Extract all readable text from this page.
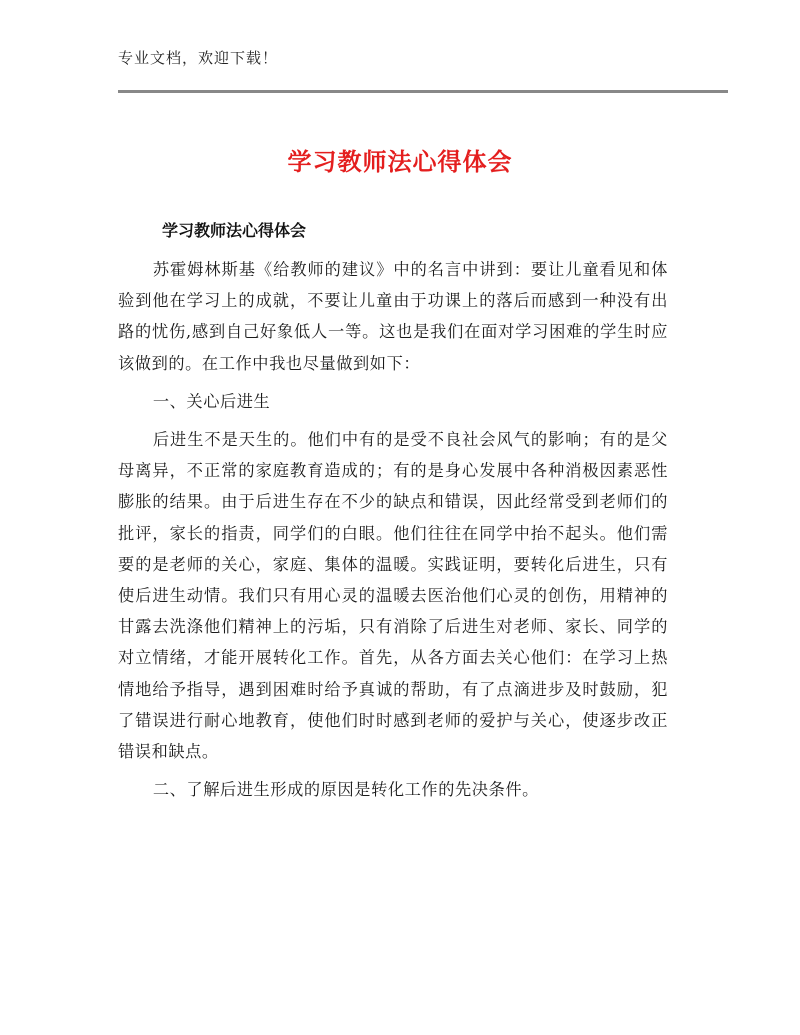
专业文档，欢迎下载！
学习教师法心得体会
学习教师法心得体会

苏霍姆林斯基《给教师的建议》中的名言中讲到：要让儿童看见和体验到他在学习上的成就，不要让儿童由于功课上的落后而感到一种没有出路的忧伤,感到自己好象低人一等。这也是我们在面对学习困难的学生时应该做到的。在工作中我也尽量做到如下：

一、关心后进生

后进生不是天生的。他们中有的是受不良社会风气的影响；有的是父母离异，不正常的家庭教育造成的；有的是身心发展中各种消极因素恶性膨胀的结果。由于后进生存在不少的缺点和错误，因此经常受到老师们的批评，家长的指责，同学们的白眼。他们往往在同学中抬不起头。他们需要的是老师的关心，家庭、集体的温暖。实践证明，要转化后进生，只有使后进生动情。我们只有用心灵的温暖去医治他们心灵的创伤，用精神的甘露去洗涤他们精神上的污垢，只有消除了后进生对老师、家长、同学的对立情绪，才能开展转化工作。首先，从各方面去关心他们：在学习上热情地给予指导，遇到困难时给予真诚的帮助，有了点滴进步及时鼓励，犯了错误进行耐心地教育，使他们时时感到老师的爱护与关心，使逐步改正错误和缺点。

二、了解后进生形成的原因是转化工作的先决条件。
